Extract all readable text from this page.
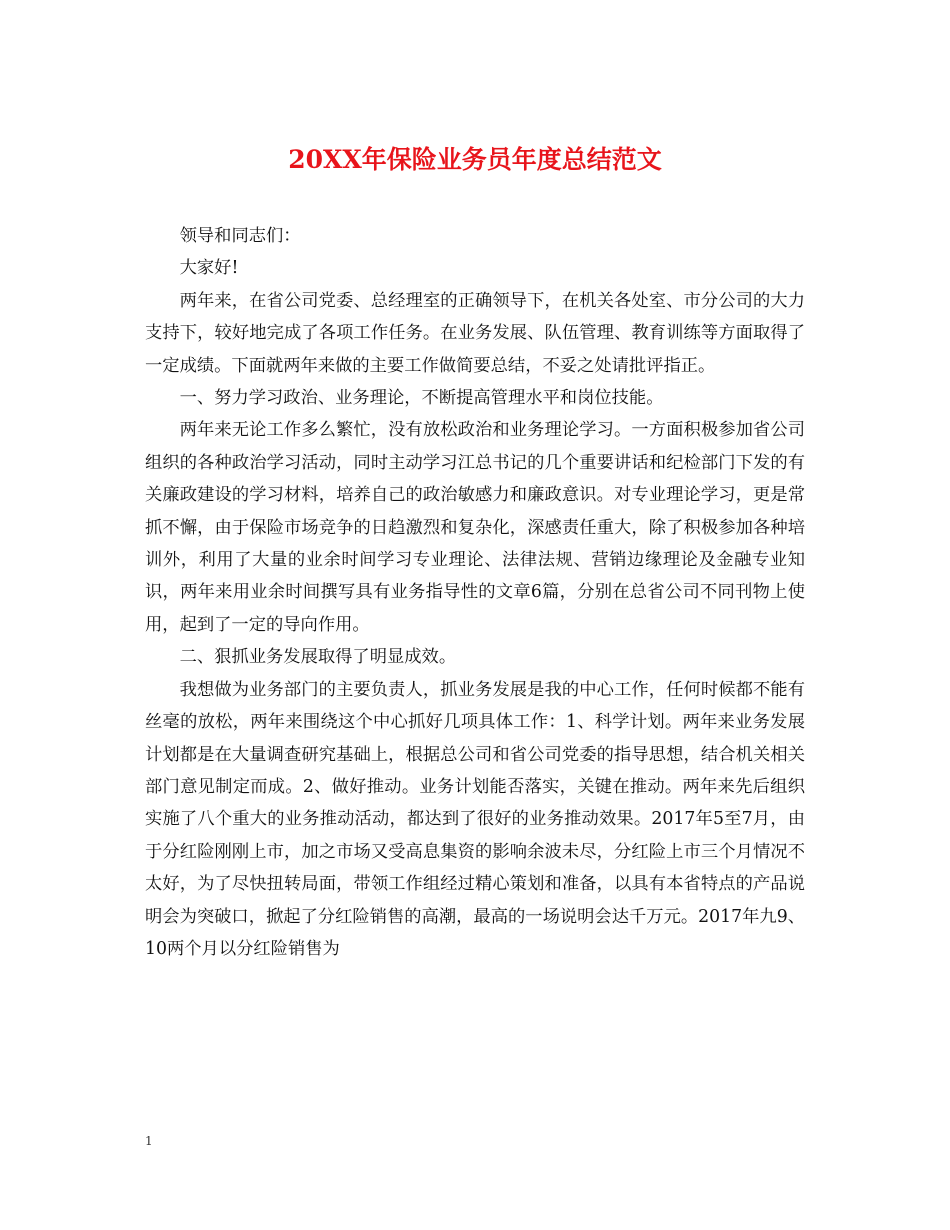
20XX年保险业务员年度总结范文

领导和同志们：

大家好!

两年来，在省公司党委、总经理室的正确领导下，在机关各处室、市分公司的大力支持下，较好地完成了各项工作任务。在业务发展、队伍管理、教育训练等方面取得了一定成绩。下面就两年来做的主要工作做简要总结，不妥之处请批评指正。

一、努力学习政治、业务理论，不断提高管理水平和岗位技能。

两年来无论工作多么繁忙，没有放松政治和业务理论学习。一方面积极参加省公司组织的各种政治学习活动，同时主动学习江总书记的几个重要讲话和纪检部门下发的有关廉政建设的学习材料，培养自己的政治敏感力和廉政意识。对专业理论学习，更是常抓不懈，由于保险市场竞争的日趋激烈和复杂化，深感责任重大，除了积极参加各种培训外，利用了大量的业余时间学习专业理论、法律法规、营销边缘理论及金融专业知识，两年来用业余时间撰写具有业务指导性的文章6篇，分别在总省公司不同刊物上使用，起到了一定的导向作用。

二、狠抓业务发展取得了明显成效。

我想做为业务部门的主要负责人，抓业务发展是我的中心工作，任何时候都不能有丝毫的放松，两年来围绕这个中心抓好几项具体工作：1、科学计划。两年来业务发展计划都是在大量调查研究基础上，根据总公司和省公司党委的指导思想，结合机关相关部门意见制定而成。2、做好推动。业务计划能否落实，关键在推动。两年来先后组织实施了八个重大的业务推动活动，都达到了很好的业务推动效果。2017年5至7月，由于分红险刚刚上市，加之市场又受高息集资的影响余波未尽，分红险上市三个月情况不太好，为了尽快扭转局面，带领工作组经过精心策划和准备，以具有本省特点的产品说明会为突破口，掀起了分红险销售的高潮，最高的一场说明会达千万元。2017年九9、10两个月以分红险销售为

1
